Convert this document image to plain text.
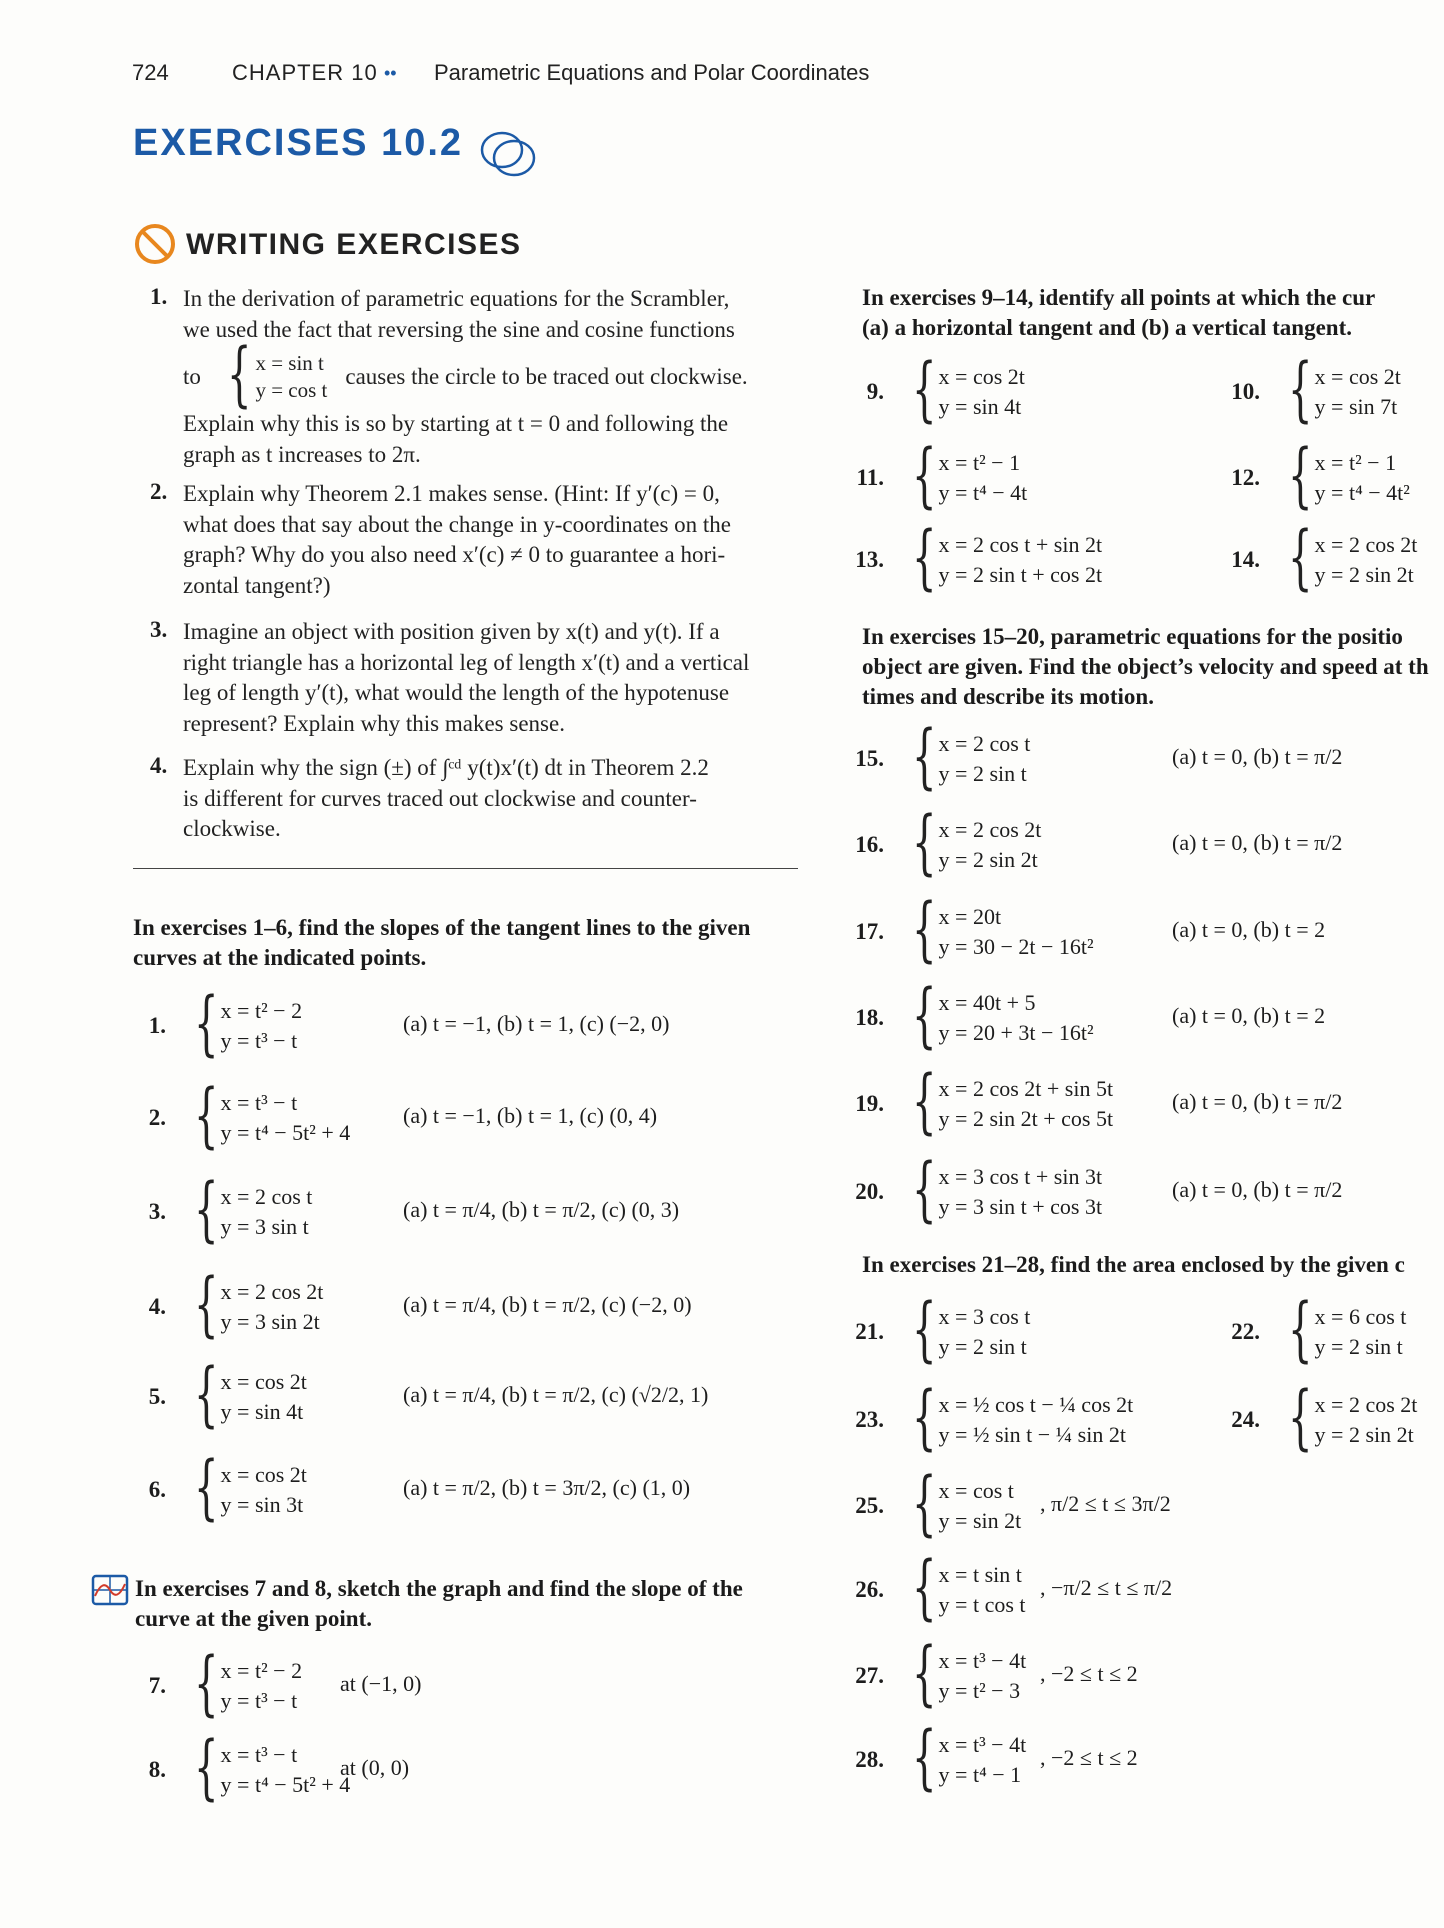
724	CHAPTER 10 •• Parametric Equations and Polar Coordinates
EXERCISES 10.2
WRITING EXERCISES
1. In the derivation of parametric equations for the Scrambler,
we used the fact that reversing the sine and cosine functions
to { x = sin t
y = cos t
causes the circle to be traced out clockwise.
Explain why this is so by starting at t = 0 and following the
graph as t increases to 2π.
2. Explain why Theorem 2.1 makes sense. (Hint: If y′(c) = 0,
what does that say about the change in y-coordinates on the
graph? Why do you also need x′(c) ≠ 0 to guarantee a hori-
zontal tangent?)
3. Imagine an object with position given by x(t) and y(t). If a
right triangle has a horizontal leg of length x′(t) and a vertical
leg of length y′(t), what would the length of the hypotenuse
represent? Explain why this makes sense.
4. Explain why the sign (±) of ∫ᶜᵈ y(t)x′(t) dt in Theorem 2.2
is different for curves traced out clockwise and counter-
clockwise.
In exercises 1–6, find the slopes of the tangent lines to the given
curves at the indicated points.
In exercises 7 and 8, sketch the graph and find the slope of the
curve at the given point.
In exercises 9–14, identify all points at which the cur
(a) a horizontal tangent and (b) a vertical tangent.
In exercises 15–20, parametric equations for the positio
object are given. Find the object’s velocity and speed at th
times and describe its motion.
In exercises 21–28, find the area enclosed by the given c
1. { x = t² − 2
y = t³ − t
(a) t = −1, (b) t = 1, (c) (−2, 0)
2. { x = t³ − t
y = t⁴ − 5t² + 4
(a) t = −1, (b) t = 1, (c) (0, 4)
3. { x = 2 cos t
y = 3 sin t
(a) t = π/4, (b) t = π/2, (c) (0, 3)
4. { x = 2 cos 2t
y = 3 sin 2t
(a) t = π/4, (b) t = π/2, (c) (−2, 0)
5. { x = cos 2t
y = sin 4t
(a) t = π/4, (b) t = π/2, (c) (√2/2, 1)
6. { x = cos 2t
y = sin 3t
(a) t = π/2, (b) t = 3π/2, (c) (1, 0)
7. { x = t² − 2
y = t³ − t
at (−1, 0)
8. { x = t³ − t
y = t⁴ − 5t² + 4
at (0, 0)
9. { x = cos 2t
y = sin 4t
10. { x = cos 2t
y = sin 7t
11. { x = t² − 1
y = t⁴ − 4t
12. { x = t² − 1
y = t⁴ − 4t²
13. { x = 2 cos t + sin 2t
y = 2 sin t + cos 2t
14. { x = 2 cos 2t
y = 2 sin 2t
15. { x = 2 cos t
y = 2 sin t
(a) t = 0, (b) t = π/2
16. { x = 2 cos 2t
y = 2 sin 2t
(a) t = 0, (b) t = π/2
17. { x = 20t
y = 30 − 2t − 16t²
(a) t = 0, (b) t = 2
18. { x = 40t + 5
y = 20 + 3t − 16t²
(a) t = 0, (b) t = 2
19. { x = 2 cos 2t + sin 5t
y = 2 sin 2t + cos 5t
(a) t = 0, (b) t = π/2
20. { x = 3 cos t + sin 3t
y = 3 sin t + cos 3t
(a) t = 0, (b) t = π/2
21. { x = 3 cos t
y = 2 sin t
22. { x = 6 cos t
y = 2 sin t
23. { x = ½ cos t − ¼ cos 2t
y = ½ sin t − ¼ sin 2t
24. { x = 2 cos 2t
y = 2 sin 2t
25. { x = cos t
y = sin 2t
, π/2 ≤ t ≤ 3π/2
26. { x = t sin t
y = t cos t
, −π/2 ≤ t ≤ π/2
27. { x = t³ − 4t
y = t² − 3
, −2 ≤ t ≤ 2
28. { x = t³ − 4t
y = t⁴ − 1
, −2 ≤ t ≤ 2
